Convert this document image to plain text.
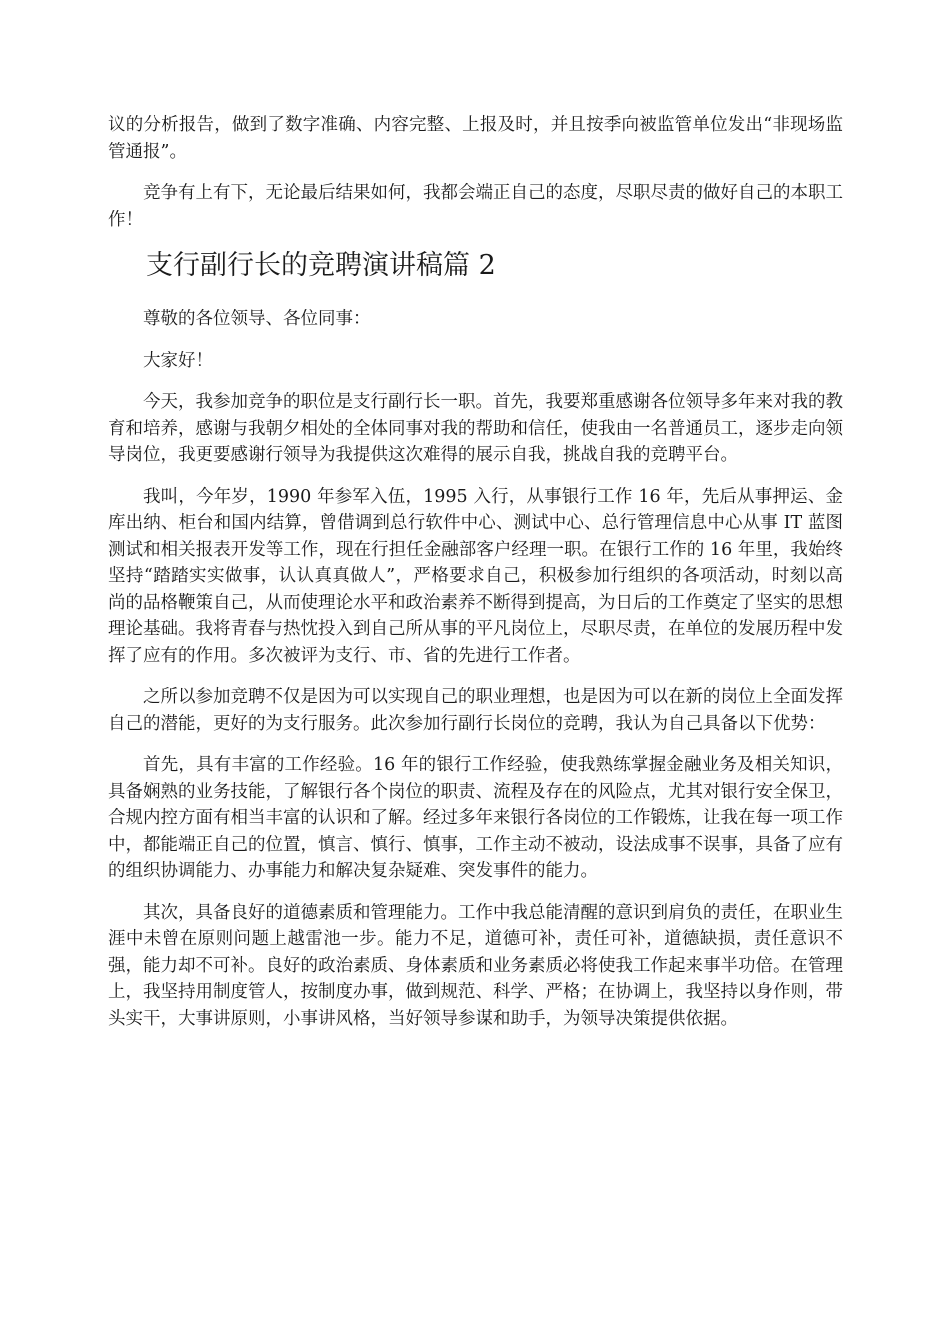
议的分析报告，做到了数字准确、内容完整、上报及时，并且按季向被监管单位发出“非现场监管通报”。

竞争有上有下，无论最后结果如何，我都会端正自己的态度，尽职尽责的做好自己的本职工作！

支行副行长的竞聘演讲稿篇 2

尊敬的各位领导、各位同事：

大家好！

今天，我参加竞争的职位是支行副行长一职。首先，我要郑重感谢各位领导多年来对我的教育和培养，感谢与我朝夕相处的全体同事对我的帮助和信任，使我由一名普通员工，逐步走向领导岗位，我更要感谢行领导为我提供这次难得的展示自我，挑战自我的竞聘平台。

我叫，今年岁，1990 年参军入伍，1995 入行，从事银行工作 16 年，先后从事押运、金库出纳、柜台和国内结算，曾借调到总行软件中心、测试中心、总行管理信息中心从事 IT 蓝图测试和相关报表开发等工作，现在行担任金融部客户经理一职。在银行工作的 16 年里，我始终坚持“踏踏实实做事，认认真真做人”，严格要求自己，积极参加行组织的各项活动，时刻以高尚的品格鞭策自己，从而使理论水平和政治素养不断得到提高，为日后的工作奠定了坚实的思想理论基础。我将青春与热忱投入到自己所从事的平凡岗位上，尽职尽责，在单位的发展历程中发挥了应有的作用。多次被评为支行、市、省的先进行工作者。

之所以参加竞聘不仅是因为可以实现自己的职业理想，也是因为可以在新的岗位上全面发挥自己的潜能，更好的为支行服务。此次参加行副行长岗位的竞聘，我认为自己具备以下优势：

首先，具有丰富的工作经验。16 年的银行工作经验，使我熟练掌握金融业务及相关知识，具备娴熟的业务技能，了解银行各个岗位的职责、流程及存在的风险点，尤其对银行安全保卫，合规内控方面有相当丰富的认识和了解。经过多年来银行各岗位的工作锻炼，让我在每一项工作中，都能端正自己的位置，慎言、慎行、慎事，工作主动不被动，设法成事不误事，具备了应有的组织协调能力、办事能力和解决复杂疑难、突发事件的能力。

其次，具备良好的道德素质和管理能力。工作中我总能清醒的意识到肩负的责任，在职业生涯中未曾在原则问题上越雷池一步。能力不足，道德可补，责任可补，道德缺损，责任意识不强，能力却不可补。良好的政治素质、身体素质和业务素质必将使我工作起来事半功倍。在管理上，我坚持用制度管人，按制度办事，做到规范、科学、严格；在协调上，我坚持以身作则，带头实干，大事讲原则，小事讲风格，当好领导参谋和助手，为领导决策提供依据。
